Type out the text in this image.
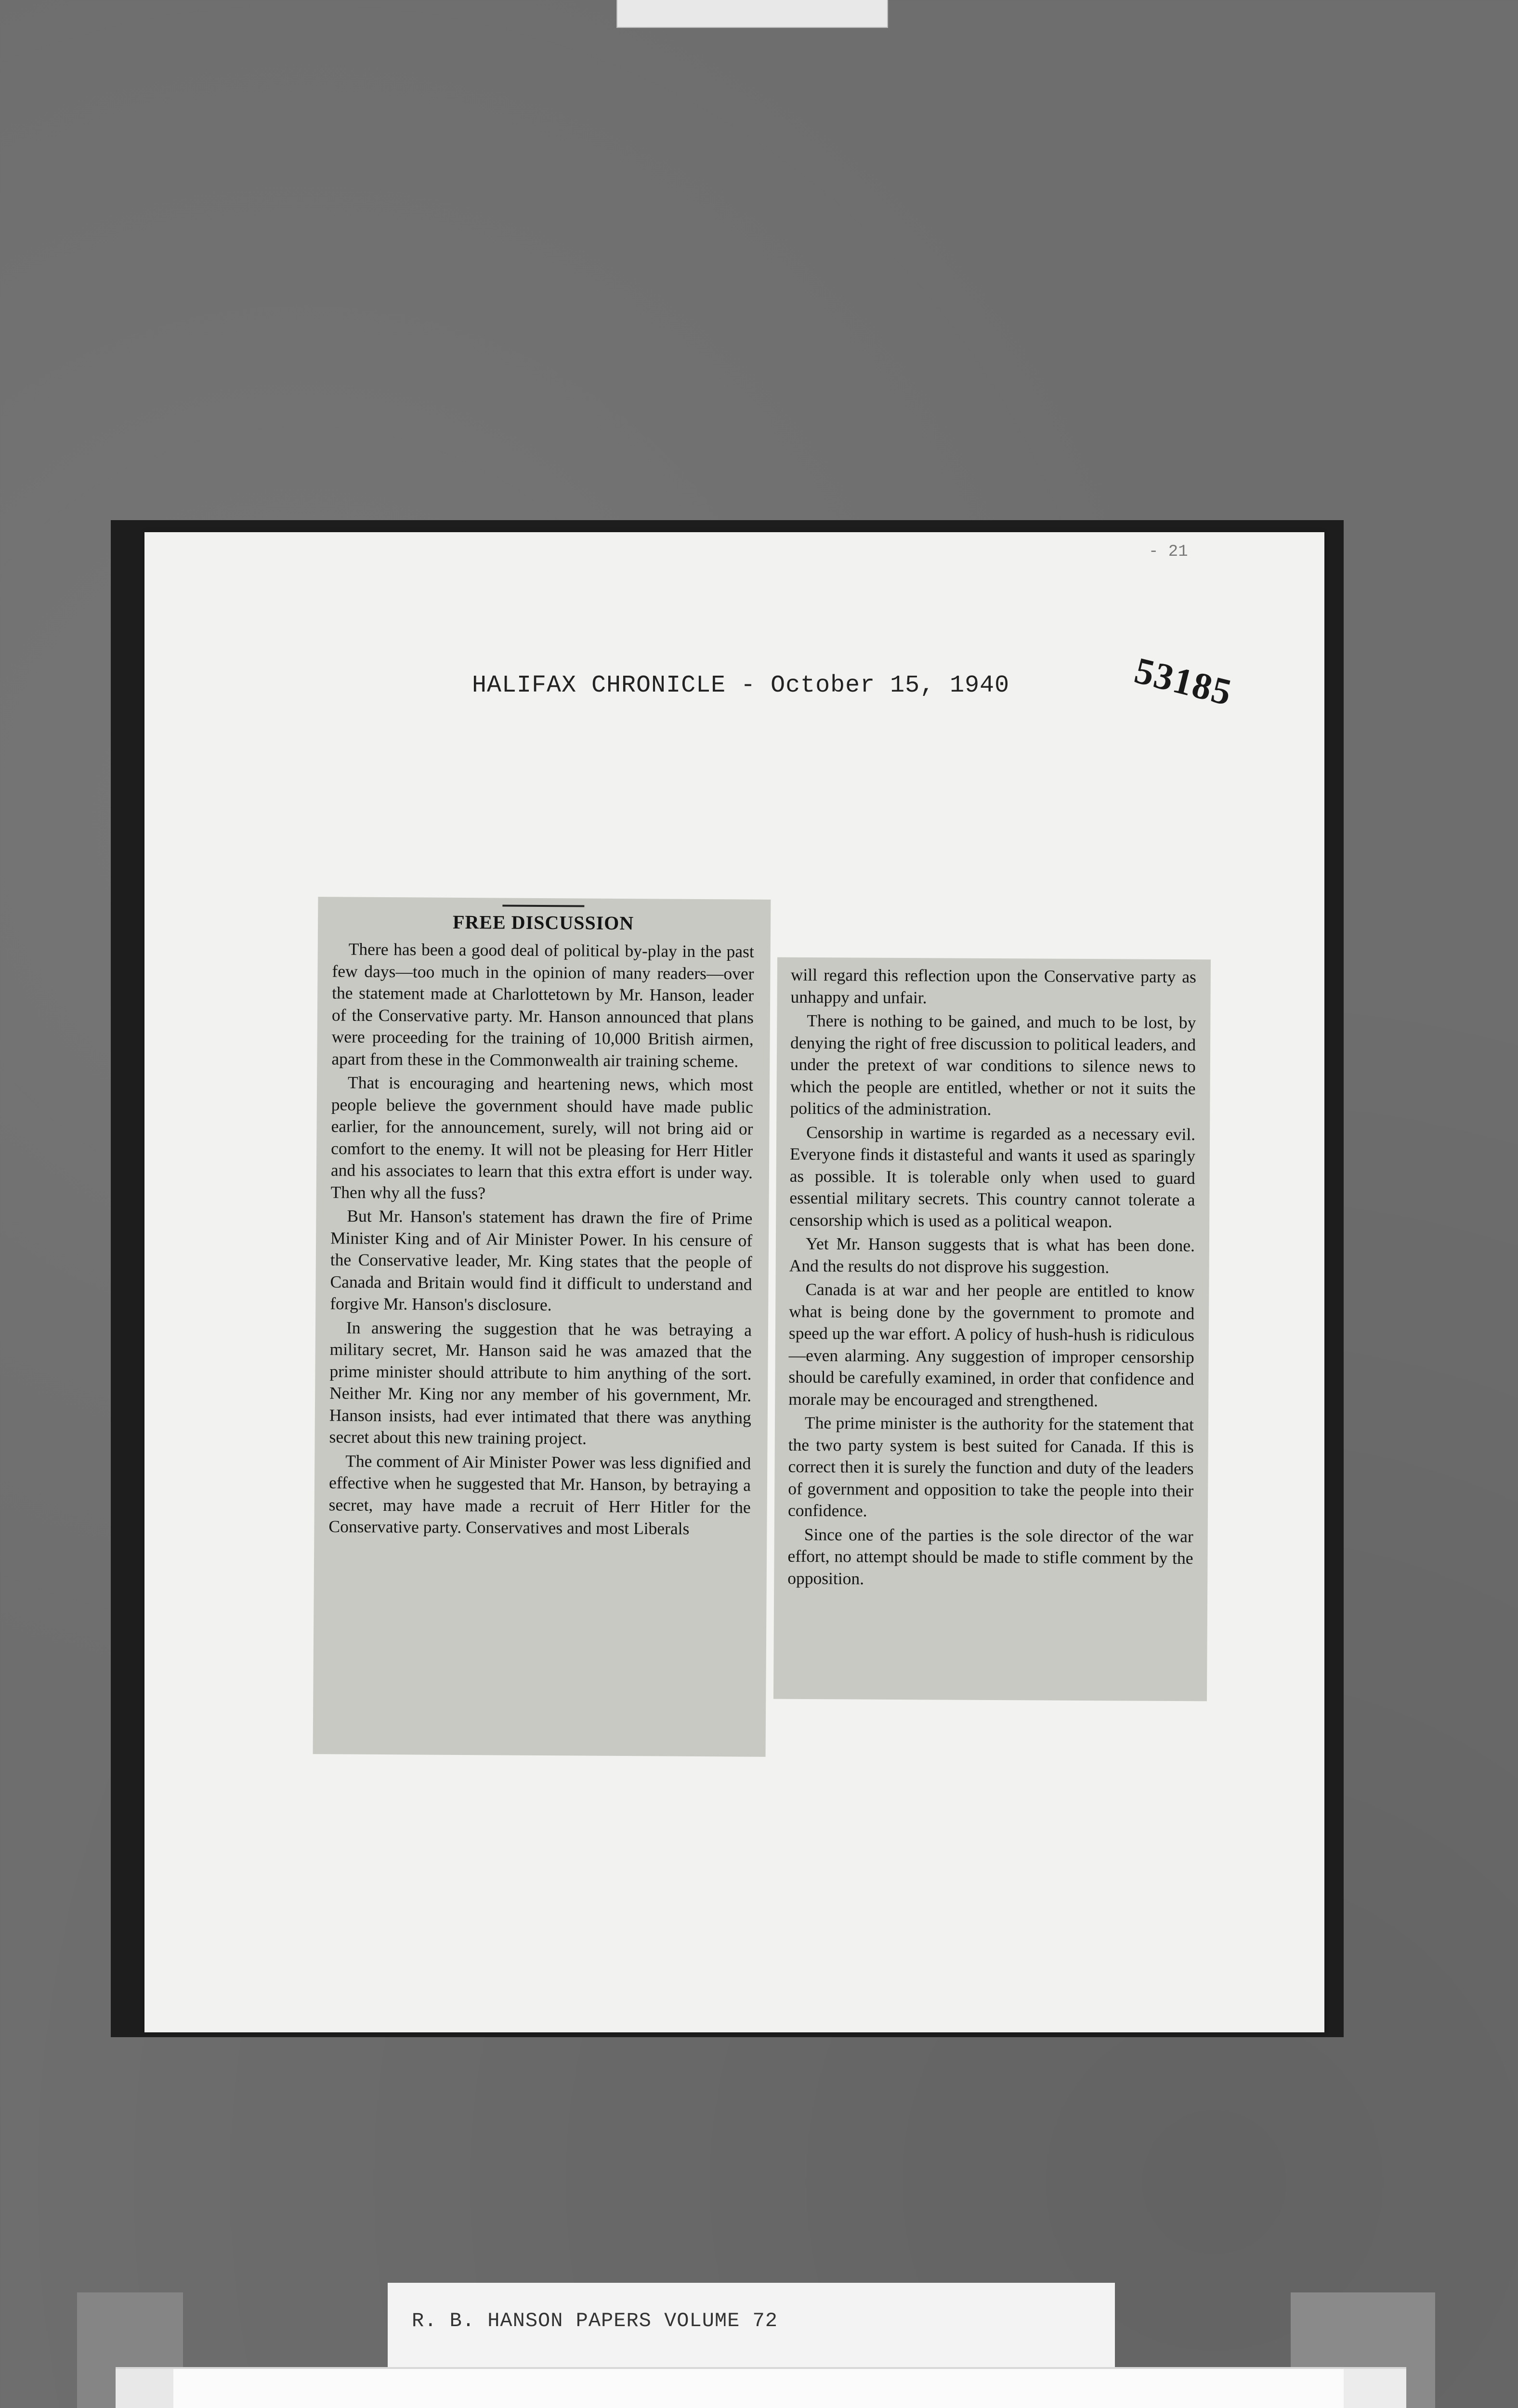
- 21
HALIFAX CHRONICLE - October 15, 1940	53185
FREE DISCUSSION

There has been a good deal of political by-play in the past few days—too much in the opinion of many readers—over the statement made at Charlottetown by Mr. Hanson, leader of the Conservative party. Mr. Hanson announced that plans were proceeding for the training of 10,000 British airmen, apart from these in the Commonwealth air training scheme.

That is encouraging and heartening news, which most people believe the government should have made public earlier, for the announcement, surely, will not bring aid or comfort to the enemy. It will not be pleasing for Herr Hitler and his associates to learn that this extra effort is under way. Then why all the fuss?

But Mr. Hanson's statement has drawn the fire of Prime Minister King and of Air Minister Power. In his censure of the Conservative leader, Mr. King states that the people of Canada and Britain would find it difficult to understand and forgive Mr. Hanson's disclosure.

In answering the suggestion that he was betraying a military secret, Mr. Hanson said he was amazed that the prime minister should attribute to him anything of the sort. Neither Mr. King nor any member of his government, Mr. Hanson insists, had ever intimated that there was anything secret about this new training project.

The comment of Air Minister Power was less dignified and effective when he suggested that Mr. Hanson, by betraying a secret, may have made a recruit of Herr Hitler for the Conservative party. Conservatives and most Liberals

will regard this reflection upon the Conservative party as unhappy and unfair.

There is nothing to be gained, and much to be lost, by denying the right of free discussion to political leaders, and under the pretext of war conditions to silence news to which the people are entitled, whether or not it suits the politics of the administration.

Censorship in wartime is regarded as a necessary evil. Everyone finds it distasteful and wants it used as sparingly as possible. It is tolerable only when used to guard essential military secrets. This country cannot tolerate a censorship which is used as a political weapon.

Yet Mr. Hanson suggests that is what has been done. And the results do not disprove his suggestion.

Canada is at war and her people are entitled to know what is being done by the government to promote and speed up the war effort. A policy of hush-hush is ridiculous—even alarming. Any suggestion of improper censorship should be carefully examined, in order that confidence and morale may be encouraged and strengthened.

The prime minister is the authority for the statement that the two party system is best suited for Canada. If this is correct then it is surely the function and duty of the leaders of government and opposition to take the people into their confidence.

Since one of the parties is the sole director of the war effort, no attempt should be made to stifle comment by the opposition.

R. B. HANSON PAPERS VOLUME 72
